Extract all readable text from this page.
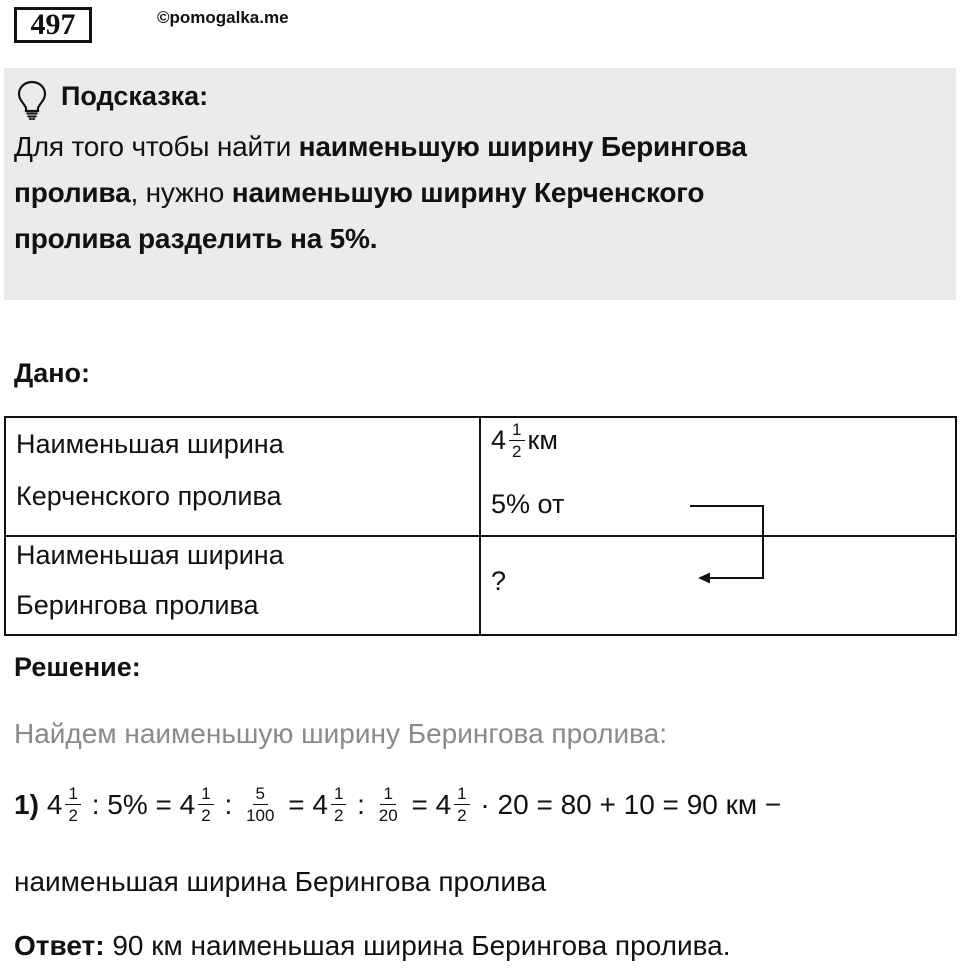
497	©pomogalka.me
Подсказка:
Для того чтобы найти наименьшую ширину Берингова
пролива, нужно наименьшую ширину Керченского
пролива разделить на 5%.
Дано:
Наименьшая ширина
Керченского пролива
$4 \frac{1}{2}$ км
5% от
Наименьшая ширина
Берингова пролива
?
Решение:
Найдем наименьшую ширину Берингова пролива:
1) $4 \frac{1}{2}$ : $5\% = 4 \frac{1}{2}$ : $\frac{5}{100} = 4 \frac{1}{2}$ : $\frac{1}{20} = 4 \frac{1}{2} \cdot 20 = 80 + 10 = 90$ км −
наименьшая ширина Берингова пролива
Ответ: 90 км наименьшая ширина Берингова пролива.
